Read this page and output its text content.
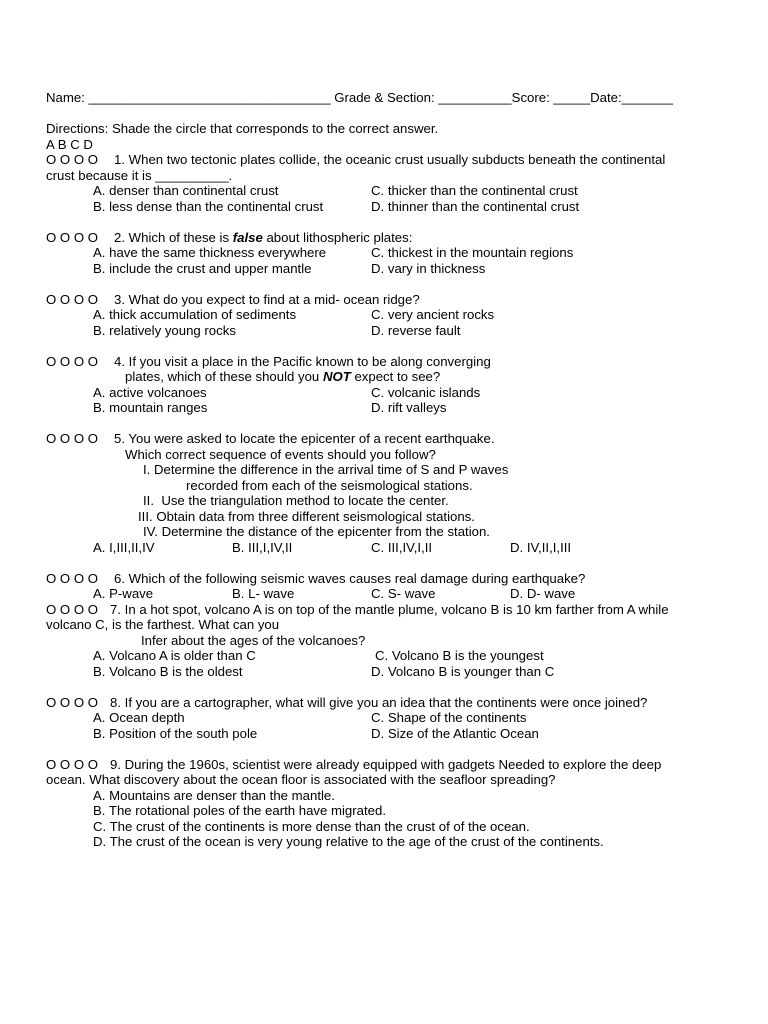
Name: _________________________________ Grade & Section: __________Score: _____Date:_______
Directions: Shade the circle that corresponds to the correct answer.
A B C D
O O O O 1. When two tectonic plates collide, the oceanic crust usually subducts beneath the continental
crust because it is __________.
A. denser than continental crust	C. thicker than the continental crust
B. less dense than the continental crust	D. thinner than the continental crust
O O O O 2. Which of these is false about lithospheric plates:
A. have the same thickness everywhere	C. thickest in the mountain regions
B. include the crust and upper mantle	D. vary in thickness
O O O O 3. What do you expect to find at a mid- ocean ridge?
A. thick accumulation of sediments	C. very ancient rocks
B. relatively young rocks	D. reverse fault
O O O O 4. If you visit a place in the Pacific known to be along converging
plates, which of these should you NOT expect to see?
A. active volcanoes	C. volcanic islands
B. mountain ranges	D. rift valleys
O O O O 5. You were asked to locate the epicenter of a recent earthquake.
Which correct sequence of events should you follow?
I. Determine the difference in the arrival time of S and P waves
recorded from each of the seismological stations.
II.  Use the triangulation method to locate the center.
III. Obtain data from three different seismological stations.
IV. Determine the distance of the epicenter from the station.
A. I,III,II,IV	B. III,I,IV,II	C. III,IV,I,II	D. IV,II,I,III
O O O O 6. Which of the following seismic waves causes real damage during earthquake?
A. P-wave	B. L- wave	C. S- wave	D. D- wave
O O O O 7. In a hot spot, volcano A is on top of the mantle plume, volcano B is 10 km farther from A while
volcano C, is the farthest. What can you
Infer about the ages of the volcanoes?
A. Volcano A is older than C	C. Volcano B is the youngest
B. Volcano B is the oldest	D. Volcano B is younger than C
O O O O 8. If you are a cartographer, what will give you an idea that the continents were once joined?
A. Ocean depth	C. Shape of the continents
B. Position of the south pole	D. Size of the Atlantic Ocean
O O O O 9. During the 1960s, scientist were already equipped with gadgets Needed to explore the deep
ocean. What discovery about the ocean floor is associated with the seafloor spreading?
A. Mountains are denser than the mantle.
B. The rotational poles of the earth have migrated.
C. The crust of the continents is more dense than the crust of of the ocean.
D. The crust of the ocean is very young relative to the age of the crust of the continents.
